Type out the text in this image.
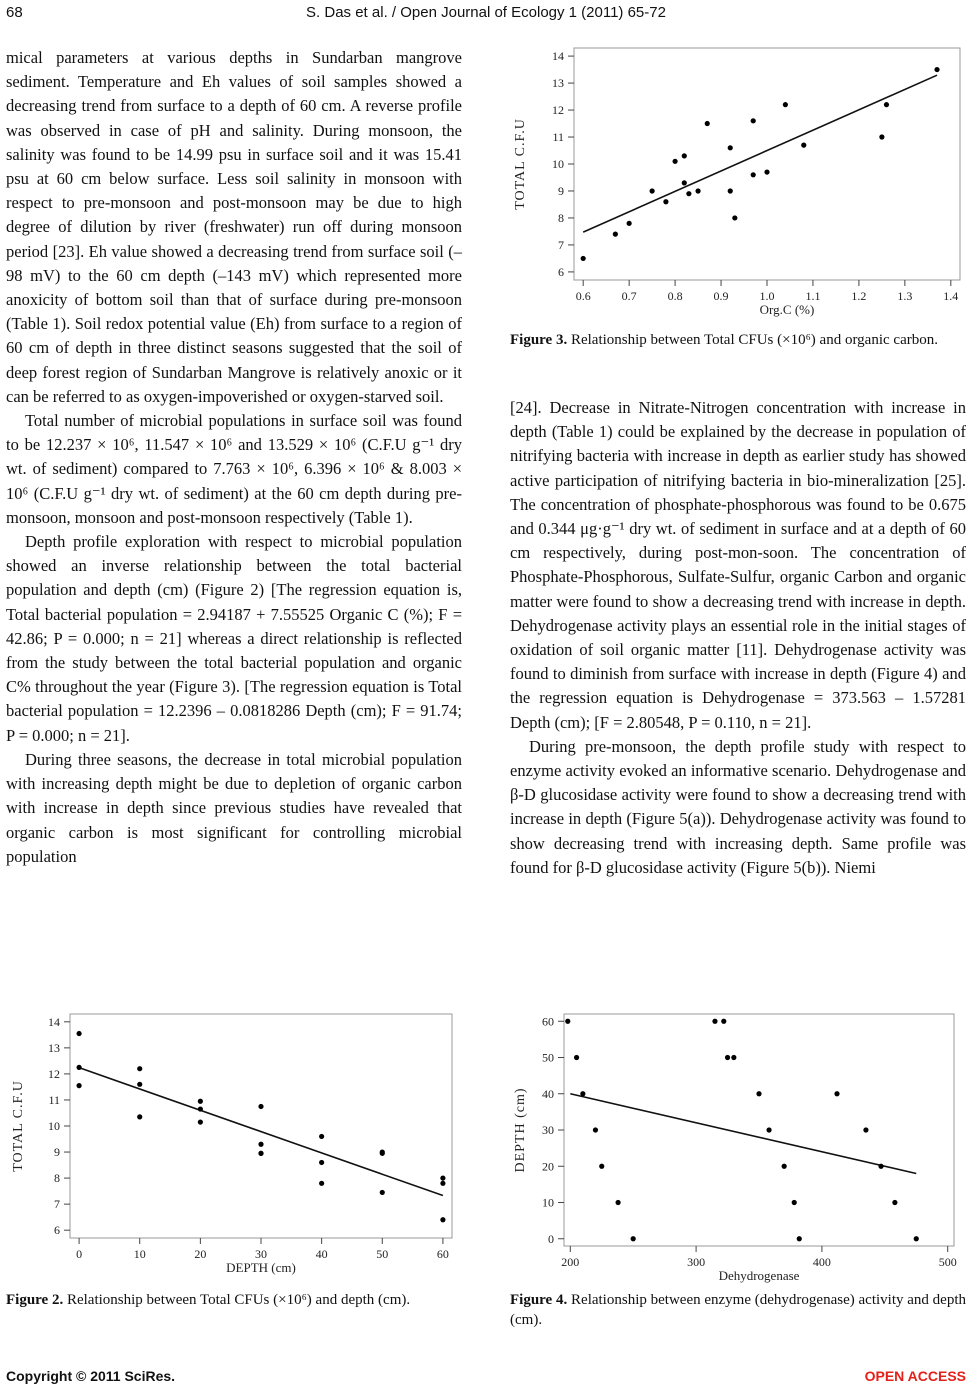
68	S. Das et al. / Open Journal of Ecology 1 (2011) 65-72

mical parameters at various depths in Sundarban mangrove sediment. Temperature and Eh values of soil samples showed a decreasing trend from surface to a depth of 60 cm. A reverse profile was observed in case of pH and salinity. During monsoon, the salinity was found to be 14.99 psu in surface soil and it was 15.41 psu at 60 cm below surface. Less soil salinity in monsoon with respect to pre-monsoon and post-monsoon may be due to high degree of dilution by river (freshwater) run off during monsoon period [23]. Eh value showed a decreasing trend from surface soil (–98 mV) to the 60 cm depth (–143 mV) which represented more anoxicity of bottom soil than that of surface during pre-monsoon (Table 1). Soil redox potential value (Eh) from surface to a region of 60 cm of depth in three distinct seasons suggested that the soil of deep forest region of Sundarban Mangrove is relatively anoxic or it can be referred to as oxygen-impoverished or oxygen-starved soil.

Total number of microbial populations in surface soil was found to be 12.237 × 10⁶, 11.547 × 10⁶ and 13.529 × 10⁶ (C.F.U g⁻¹ dry wt. of sediment) compared to 7.763 × 10⁶, 6.396 × 10⁶ & 8.003 × 10⁶ (C.F.U g⁻¹ dry wt. of sediment) at the 60 cm depth during pre-monsoon, monsoon and post-monsoon respectively (Table 1).

Depth profile exploration with respect to microbial population showed an inverse relationship between the total bacterial population and depth (cm) (Figure 2) [The regression equation is, Total bacterial population = 2.94187 + 7.55525 Organic C (%); F = 42.86; P = 0.000; n = 21] whereas a direct relationship is reflected from the study between the total bacterial population and organic C% throughout the year (Figure 3). [The regression equation is Total bacterial population = 12.2396 – 0.0818286 Depth (cm); F = 91.74; P = 0.000; n = 21].

During three seasons, the decrease in total microbial population with increasing depth might be due to depletion of organic carbon with increase in depth since previous studies have revealed that organic carbon is most significant for controlling microbial population

[24]. Decrease in Nitrate-Nitrogen concentration with increase in depth (Table 1) could be explained by the decrease in population of nitrifying bacteria with increase in depth as earlier study has showed active participation of nitrifying bacteria in bio-mineralization [25]. The concentration of phosphate-phosphorous was found to be 0.675 and 0.344 μg·g⁻¹ dry wt. of sediment in surface and at a depth of 60 cm respectively, during post-mon-soon. The concentration of Phosphate-Phosphorous, Sulfate-Sulfur, organic Carbon and organic matter were found to show a decreasing trend with increase in depth. Dehydrogenase activity plays an essential role in the initial stages of oxidation of soil organic matter [11]. Dehydrogenase activity was found to diminish from surface with increase in depth (Figure 4) and the regression equation is Dehydrogenase = 373.563 – 1.57281 Depth (cm); [F = 2.80548, P = 0.110, n = 21].

During pre-monsoon, the depth profile study with respect to enzyme activity evoked an informative scenario. Dehydrogenase and β-D glucosidase activity were found to show a decreasing trend with increase in depth (Figure 5(a)). Dehydrogenase activity was found to show decreasing trend with increasing depth. Same profile was found for β-D glucosidase activity (Figure 5(b)). Niemi

6
7
8
9
10
11
12
13
14
0.6	0.7	0.8	0.9	1.0	1.1	1.2	1.3	1.4
Org.C (%)
TOTAL C.F.U
Figure 3. Relationship between Total CFUs (×10⁶) and organic carbon.
6
7
8
9
10
11
12
13
14
0	10	20	30	40	50	60
DEPTH (cm)
TOTAL C.F.U
Figure 2. Relationship between Total CFUs (×10⁶) and depth (cm).
0
10
20
30
40
50
60
200	300	400	500
Dehydrogenase
DEPTH (cm)
Figure 4. Relationship between enzyme (dehydrogenase) activity and depth (cm).
Copyright © 2011 SciRes.	OPEN ACCESS
